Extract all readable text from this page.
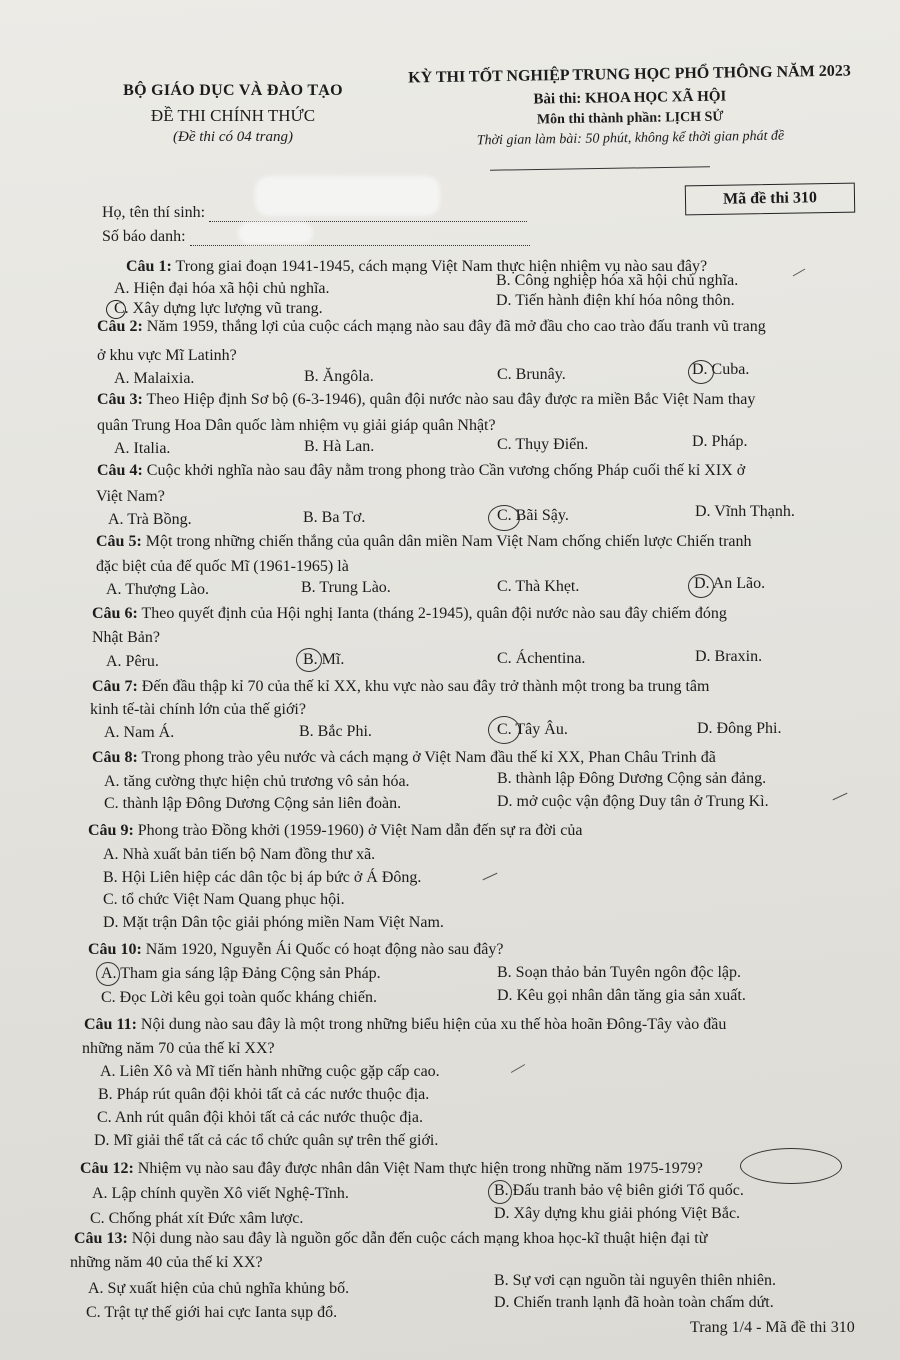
BỘ GIÁO DỤC VÀ ĐÀO TẠO
ĐỀ THI CHÍNH THỨC
(Đề thi có 04 trang)
KỲ THI TỐT NGHIỆP TRUNG HỌC PHỔ THÔNG NĂM 2023
Bài thi: KHOA HỌC XÃ HỘI
Môn thi thành phần: LỊCH SỬ
Thời gian làm bài: 50 phút, không kể thời gian phát đề
Mã đề thi 310
Họ, tên thí sinh:
Số báo danh:
Câu 1: Trong giai đoạn 1941-1945, cách mạng Việt Nam thực hiện nhiệm vụ nào sau đây?
A. Hiện đại hóa xã hội chủ nghĩa.	B. Công nghiệp hóa xã hội chủ nghĩa.
C. Xây dựng lực lượng vũ trang.	D. Tiến hành điện khí hóa nông thôn.
Câu 2: Năm 1959, thắng lợi của cuộc cách mạng nào sau đây đã mở đầu cho cao trào đấu tranh vũ trang
ở khu vực Mĩ Latinh?
A. Malaixia.	B. Ăngôla.	C. Brunây.	D. Cuba.
Câu 3: Theo Hiệp định Sơ bộ (6-3-1946), quân đội nước nào sau đây được ra miền Bắc Việt Nam thay
quân Trung Hoa Dân quốc làm nhiệm vụ giải giáp quân Nhật?
A. Italia.	B. Hà Lan.	C. Thụy Điển.	D. Pháp.
Câu 4: Cuộc khởi nghĩa nào sau đây nằm trong phong trào Cần vương chống Pháp cuối thế kỉ XIX ở
Việt Nam?
A. Trà Bồng.	B. Ba Tơ.	C. Bãi Sậy.	D. Vĩnh Thạnh.
Câu 5: Một trong những chiến thắng của quân dân miền Nam Việt Nam chống chiến lược Chiến tranh
đặc biệt của đế quốc Mĩ (1961-1965) là
A. Thượng Lào.	B. Trung Lào.	C. Thà Khẹt.	D. An Lão.
Câu 6: Theo quyết định của Hội nghị Ianta (tháng 2-1945), quân đội nước nào sau đây chiếm đóng
Nhật Bản?
A. Pêru.	B. Mĩ.	C. Áchentina.	D. Braxin.
Câu 7: Đến đầu thập kỉ 70 của thế kỉ XX, khu vực nào sau đây trở thành một trong ba trung tâm
kinh tế-tài chính lớn của thế giới?
A. Nam Á.	B. Bắc Phi.	C. Tây Âu.	D. Đông Phi.
Câu 8: Trong phong trào yêu nước và cách mạng ở Việt Nam đầu thế kỉ XX, Phan Châu Trinh đã
A. tăng cường thực hiện chủ trương vô sản hóa.	B. thành lập Đông Dương Cộng sản đảng.
C. thành lập Đông Dương Cộng sản liên đoàn.	D. mở cuộc vận động Duy tân ở Trung Kì.
Câu 9: Phong trào Đồng khởi (1959-1960) ở Việt Nam dẫn đến sự ra đời của
A. Nhà xuất bản tiến bộ Nam đồng thư xã.
B. Hội Liên hiệp các dân tộc bị áp bức ở Á Đông.
C. tổ chức Việt Nam Quang phục hội.
D. Mặt trận Dân tộc giải phóng miền Nam Việt Nam.
Câu 10: Năm 1920, Nguyễn Ái Quốc có hoạt động nào sau đây?
A. Tham gia sáng lập Đảng Cộng sản Pháp.	B. Soạn thảo bản Tuyên ngôn độc lập.
C. Đọc Lời kêu gọi toàn quốc kháng chiến.	D. Kêu gọi nhân dân tăng gia sản xuất.
Câu 11: Nội dung nào sau đây là một trong những biểu hiện của xu thế hòa hoãn Đông-Tây vào đầu
những năm 70 của thế kỉ XX?
A. Liên Xô và Mĩ tiến hành những cuộc gặp cấp cao.
B. Pháp rút quân đội khỏi tất cả các nước thuộc địa.
C. Anh rút quân đội khỏi tất cả các nước thuộc địa.
D. Mĩ giải thể tất cả các tổ chức quân sự trên thế giới.
Câu 12: Nhiệm vụ nào sau đây được nhân dân Việt Nam thực hiện trong những năm 1975-1979?
A. Lập chính quyền Xô viết Nghệ-Tĩnh.	B. Đấu tranh bảo vệ biên giới Tổ quốc.
C. Chống phát xít Đức xâm lược.	D. Xây dựng khu giải phóng Việt Bắc.
Câu 13: Nội dung nào sau đây là nguồn gốc dẫn đến cuộc cách mạng khoa học-kĩ thuật hiện đại từ
những năm 40 của thế kỉ XX?
A. Sự xuất hiện của chủ nghĩa khủng bố.	B. Sự vơi cạn nguồn tài nguyên thiên nhiên.
C. Trật tự thế giới hai cực Ianta sụp đổ.
D. Chiến tranh lạnh đã hoàn toàn chấm dứt.
Trang 1/4 - Mã đề thi 310
